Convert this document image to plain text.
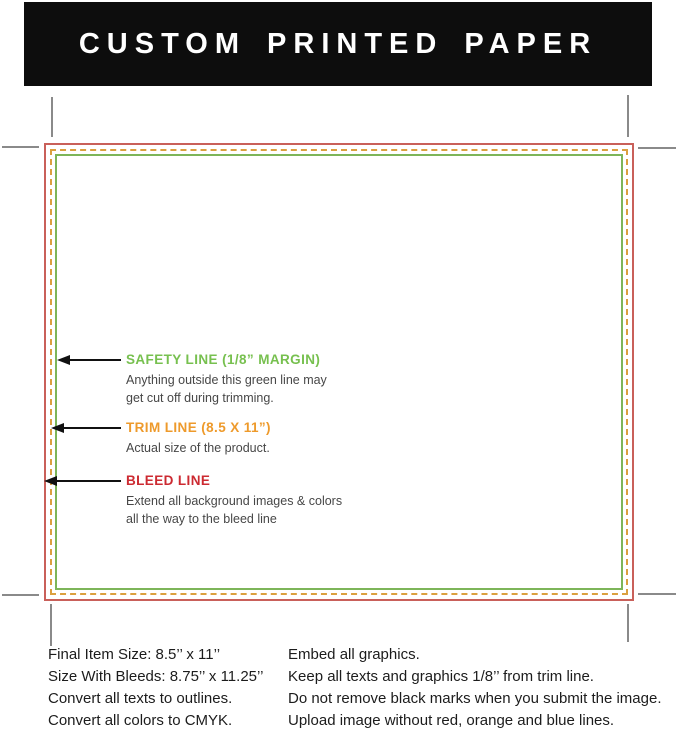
CUSTOM PRINTED PAPER
SAFETY LINE (1/8” MARGIN)
Anything outside this green line may
get cut off during trimming.
TRIM LINE (8.5 X 11”)
Actual size of the product.
BLEED LINE
Extend all background images & colors
all the way to the bleed line
Final Item Size: 8.5’’ x 11’’
Size With Bleeds: 8.75’’ x 11.25’’
Convert all texts to outlines.
Convert all colors to CMYK.
Embed all graphics.
Keep all texts and graphics 1/8’’ from trim line.
Do not remove black marks when you submit the image.
Upload image without red, orange and blue lines.
